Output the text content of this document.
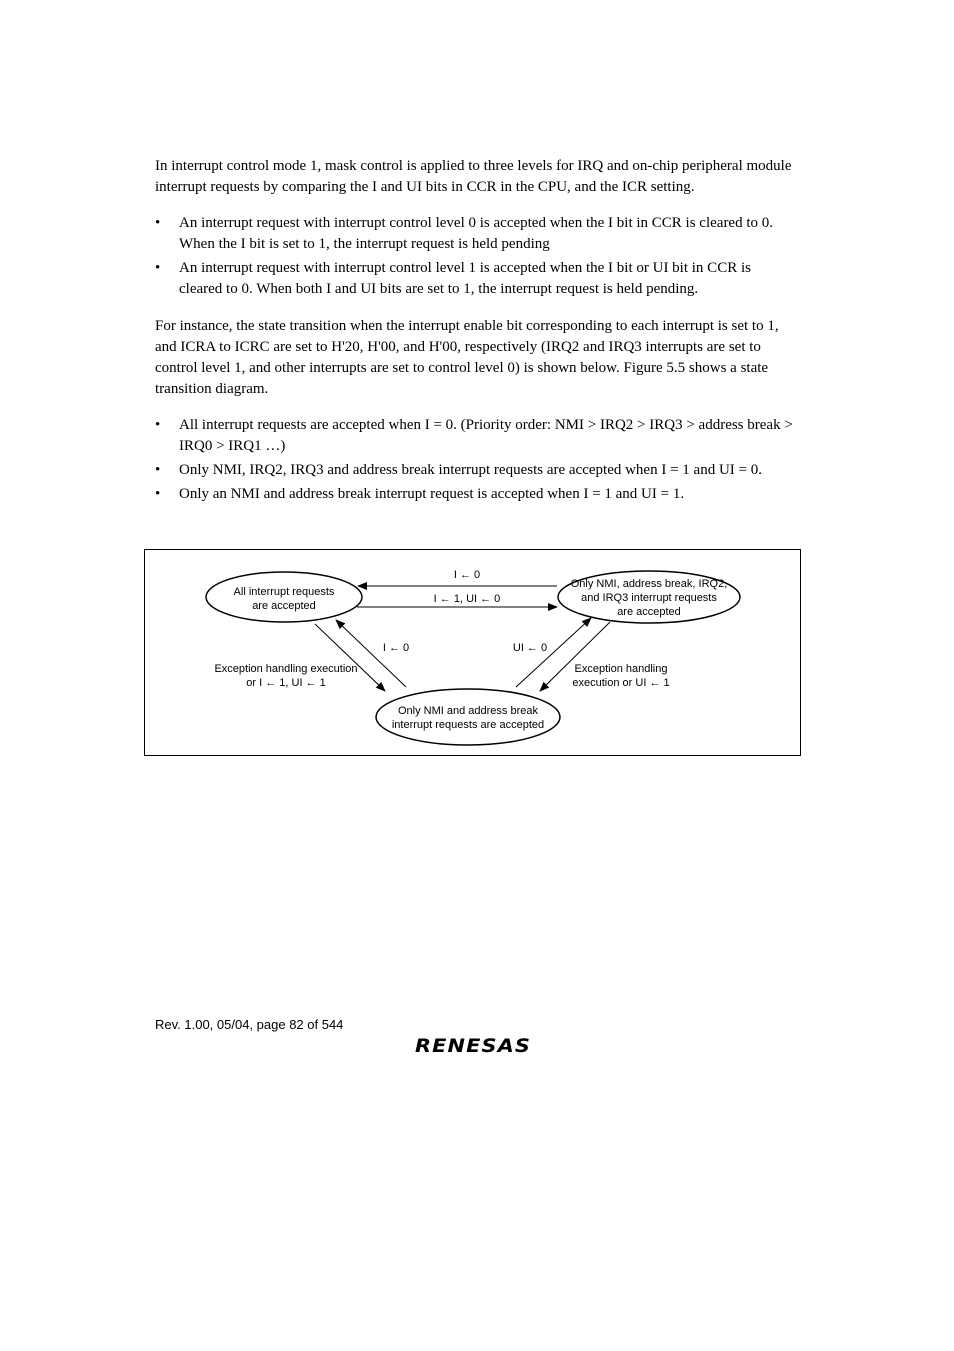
In interrupt control mode 1, mask control is applied to three levels for IRQ and on-chip peripheral module interrupt requests by comparing the I and UI bits in CCR in the CPU, and the ICR setting.

• An interrupt request with interrupt control level 0 is accepted when the I bit in CCR is cleared to 0. When the I bit is set to 1, the interrupt request is held pending
• An interrupt request with interrupt control level 1 is accepted when the I bit or UI bit in CCR is cleared to 0. When both I and UI bits are set to 1, the interrupt request is held pending.

For instance, the state transition when the interrupt enable bit corresponding to each interrupt is set to 1, and ICRA to ICRC are set to H'20, H'00, and H'00, respectively (IRQ2 and IRQ3 interrupts are set to control level 1, and other interrupts are set to control level 0) is shown below. Figure 5.5 shows a state transition diagram.

• All interrupt requests are accepted when I = 0. (Priority order: NMI > IRQ2 > IRQ3 > address break > IRQ0 > IRQ1 …)
• Only NMI, IRQ2, IRQ3 and address break interrupt requests are accepted when I = 1 and UI = 0.
• Only an NMI and address break interrupt request is accepted when I = 1 and UI = 1.
All interrupt requests
are accepted
Only NMI, address break, IRQ2,
and IRQ3 interrupt requests
are accepted
Only NMI and address break
interrupt requests are accepted
I ← 0
I ← 1, UI ← 0
I ← 0	UI ← 0
Exception handling execution
or I ← 1, UI ← 1
Exception handling
execution or UI ← 1
Rev. 1.00, 05/04, page 82 of 544
RENESAS
